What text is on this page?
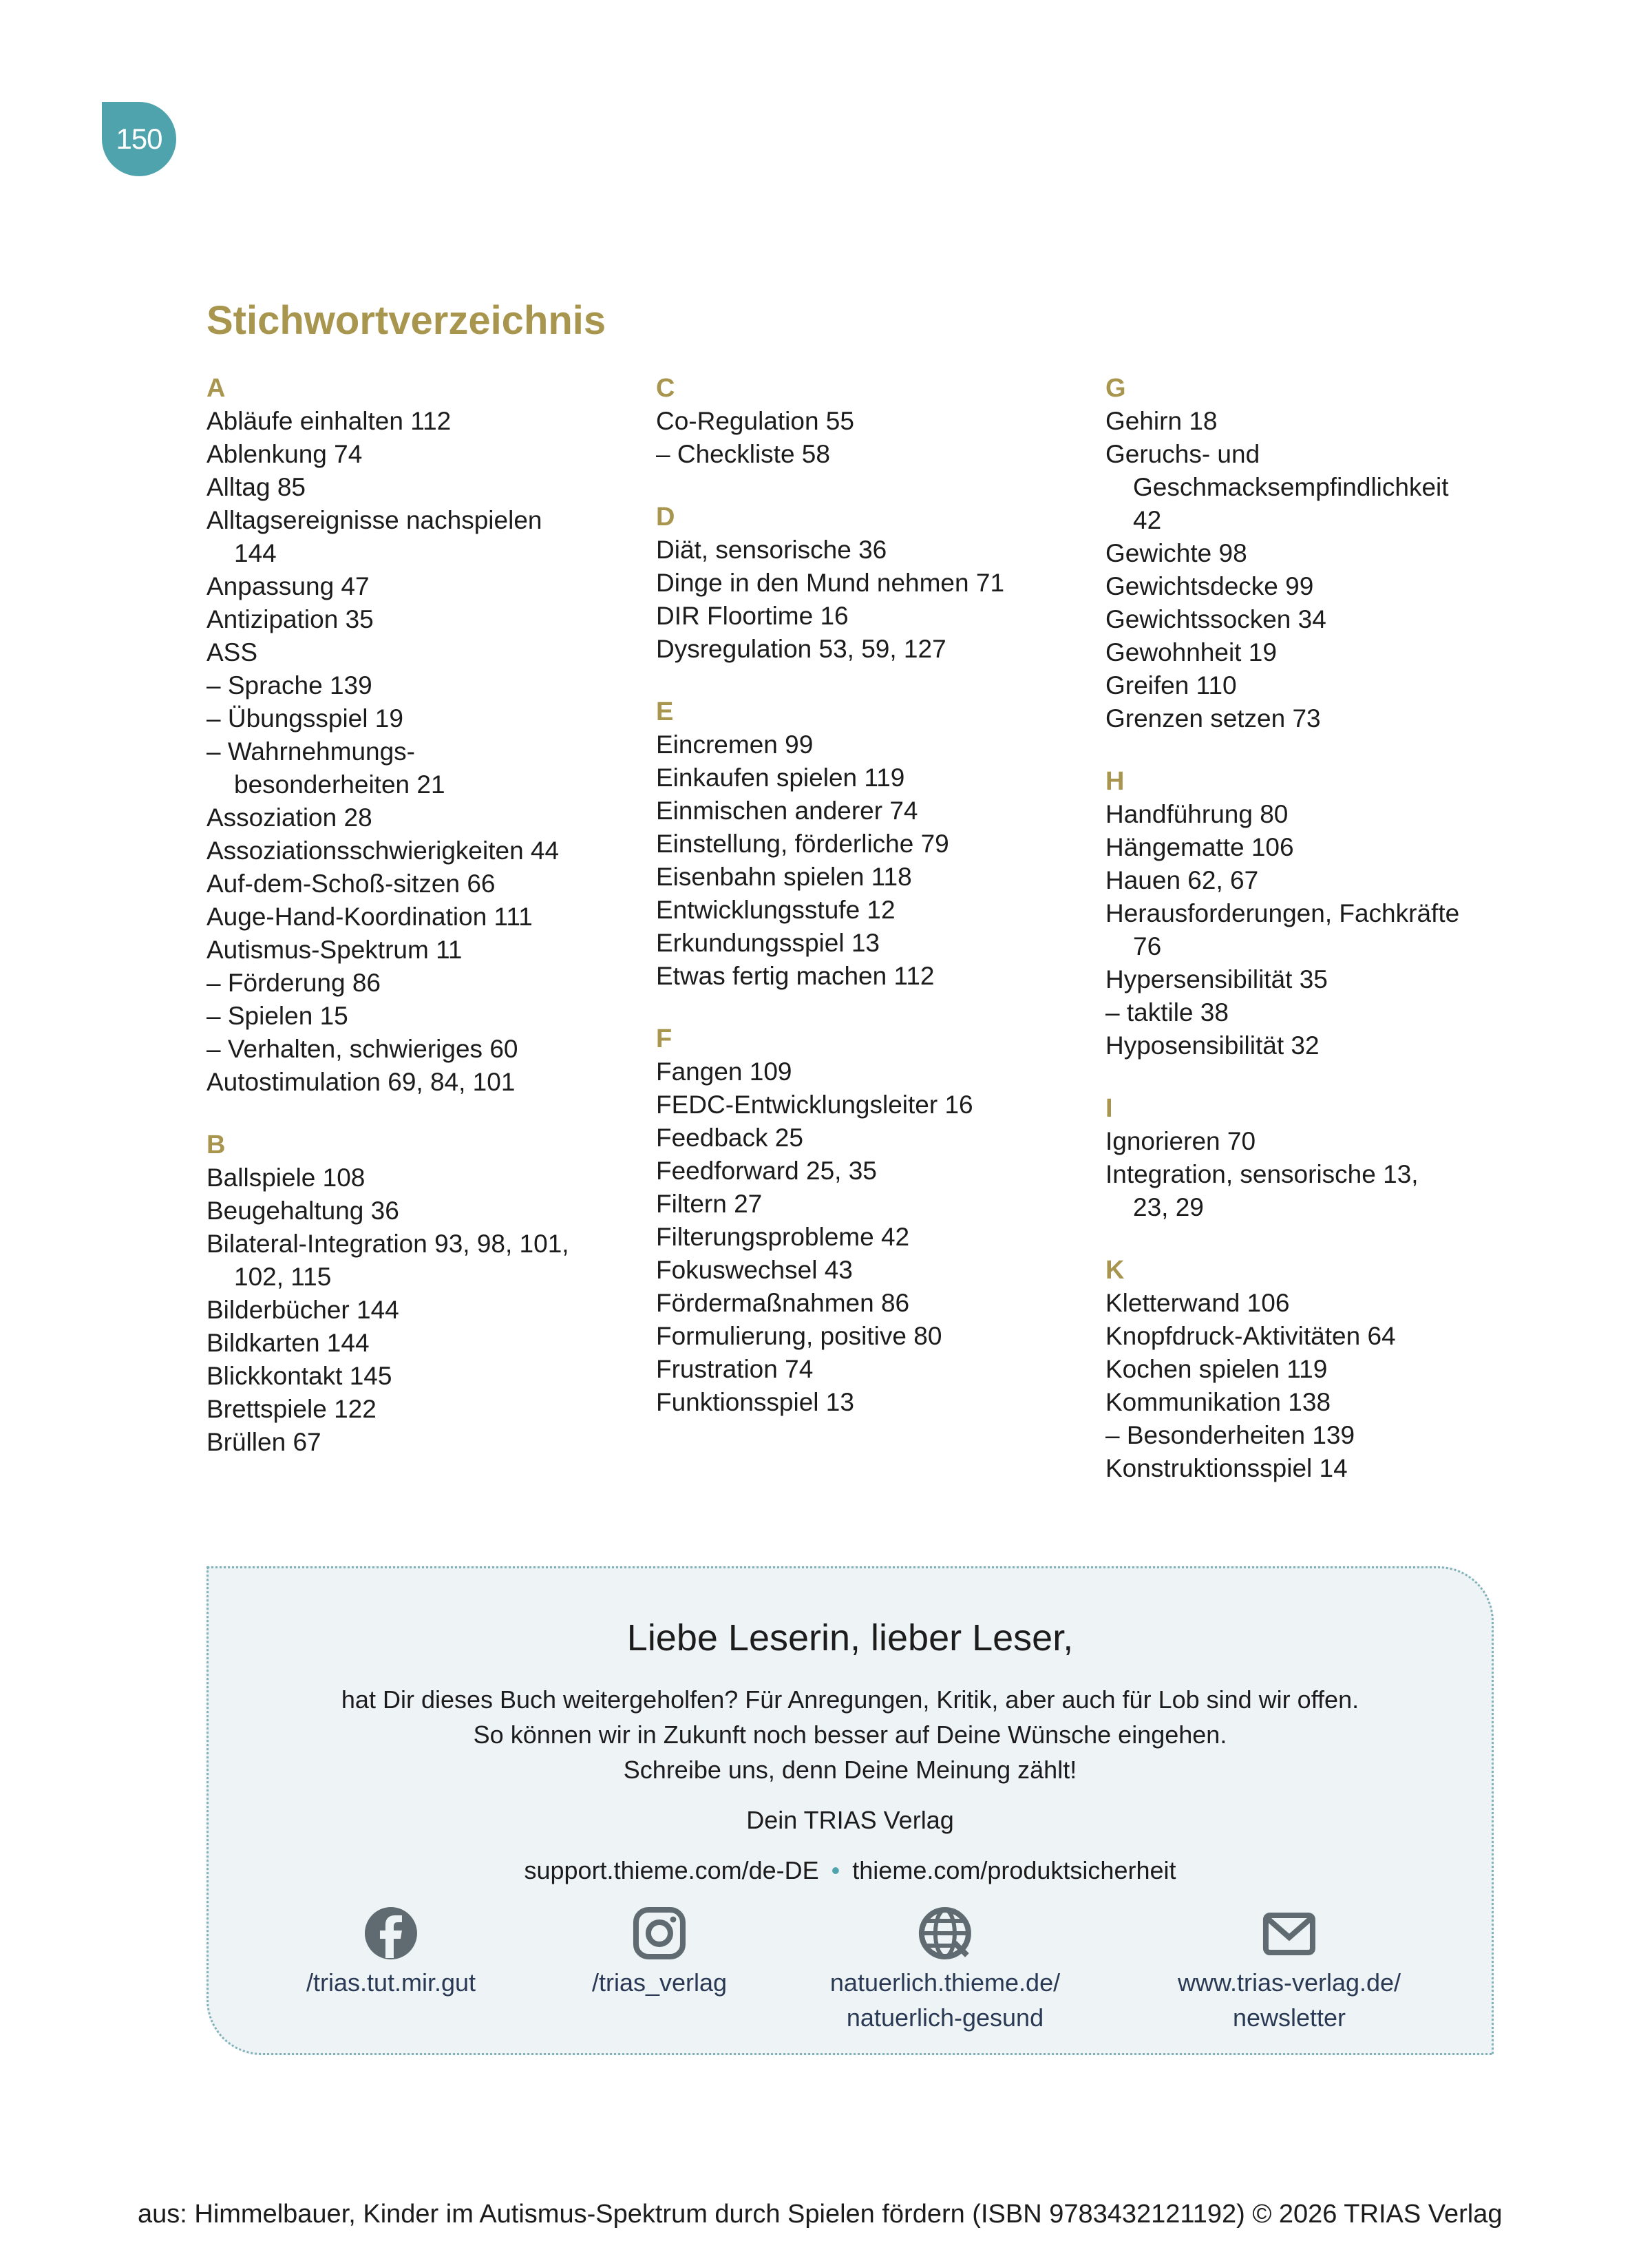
150
Stichwortverzeichnis
A
Abläufe einhalten 112
Ablenkung 74
Alltag 85
Alltagsereignisse nachspielen
144
Anpassung 47
Antizipation 35
ASS
– Sprache 139
– Übungsspiel 19
– Wahrnehmungs-
besonderheiten 21
Assoziation 28
Assoziationsschwierigkeiten 44
Auf-dem-Schoß-sitzen 66
Auge-Hand-Koordination 111
Autismus-Spektrum 11
– Förderung 86
– Spielen 15
– Verhalten, schwieriges 60
Autostimulation 69, 84, 101
B
Ballspiele 108
Beugehaltung 36
Bilateral-Integration 93, 98, 101,
102, 115
Bilderbücher 144
Bildkarten 144
Blickkontakt 145
Brettspiele 122
Brüllen 67
C
Co-Regulation 55
– Checkliste 58
D
Diät, sensorische 36
Dinge in den Mund nehmen 71
DIR Floortime 16
Dysregulation 53, 59, 127
E
Eincremen 99
Einkaufen spielen 119
Einmischen anderer 74
Einstellung, förderliche 79
Eisenbahn spielen 118
Entwicklungsstufe 12
Erkundungsspiel 13
Etwas fertig machen 112
F
Fangen 109
FEDC-Entwicklungsleiter 16
Feedback 25
Feedforward 25, 35
Filtern 27
Filterungsprobleme 42
Fokuswechsel 43
Fördermaßnahmen 86
Formulierung, positive 80
Frustration 74
Funktionsspiel 13
G
Gehirn 18
Geruchs- und
Geschmacksempfindlichkeit
42
Gewichte 98
Gewichtsdecke 99
Gewichtssocken 34
Gewohnheit 19
Greifen 110
Grenzen setzen 73
H
Handführung 80
Hängematte 106
Hauen 62, 67
Herausforderungen, Fachkräfte
76
Hypersensibilität 35
– taktile 38
Hyposensibilität 32
I
Ignorieren 70
Integration, sensorische 13,
23, 29
K
Kletterwand 106
Knopfdruck-Aktivitäten 64
Kochen spielen 119
Kommunikation 138
– Besonderheiten 139
Konstruktionsspiel 14
Liebe Leserin, lieber Leser,
hat Dir dieses Buch weitergeholfen? Für Anregungen, Kritik, aber auch für Lob sind wir offen.
So können wir in Zukunft noch besser auf Deine Wünsche eingehen.
Schreibe uns, denn Deine Meinung zählt!
Dein TRIAS Verlag
support.thieme.com/de-DE • thieme.com/produktsicherheit
/trias.tut.mir.gut	/trias_verlag	natuerlich.thieme.de/
natuerlich-gesund
www.trias-verlag.de/
newsletter
aus: Himmelbauer, Kinder im Autismus-Spektrum durch Spielen fördern (ISBN 9783432121192) © 2026 TRIAS Verlag
